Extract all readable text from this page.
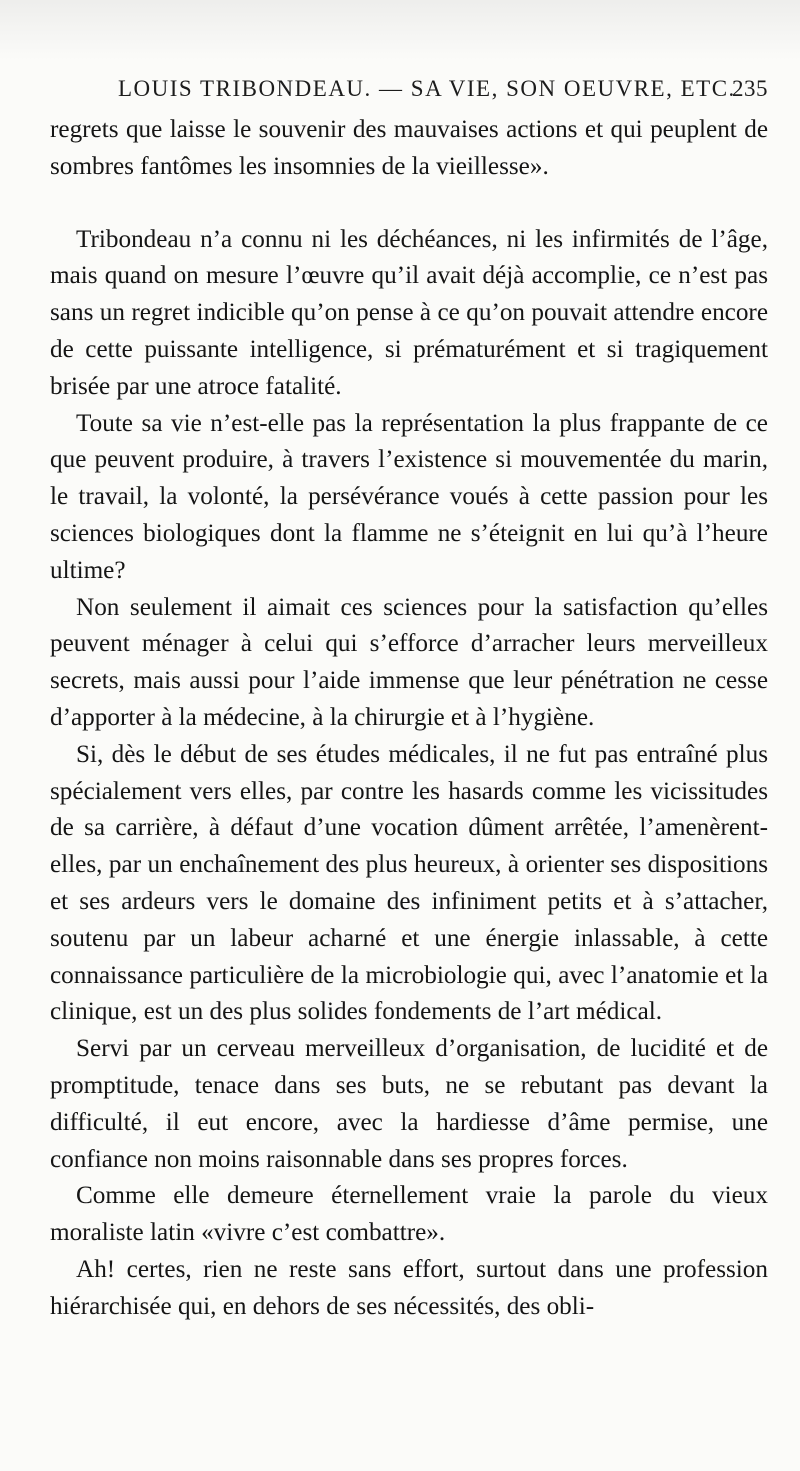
LOUIS TRIBONDEAU. — SA VIE, SON OEUVRE, ETC.
235

regrets que laisse le souvenir des mauvaises actions et qui peuplent de sombres fantômes les insomnies de la vieillesse».

Tribondeau n’a connu ni les déchéances, ni les infirmités de l’âge, mais quand on mesure l’œuvre qu’il avait déjà accomplie, ce n’est pas sans un regret indicible qu’on pense à ce qu’on pouvait attendre encore de cette puissante intelligence, si prématurément et si tragiquement brisée par une atroce fatalité.

Toute sa vie n’est-elle pas la représentation la plus frappante de ce que peuvent produire, à travers l’existence si mouvementée du marin, le travail, la volonté, la persévérance voués à cette passion pour les sciences biologiques dont la flamme ne s’éteignit en lui qu’à l’heure ultime?

Non seulement il aimait ces sciences pour la satisfaction qu’elles peuvent ménager à celui qui s’efforce d’arracher leurs merveilleux secrets, mais aussi pour l’aide immense que leur pénétration ne cesse d’apporter à la médecine, à la chirurgie et à l’hygiène.

Si, dès le début de ses études médicales, il ne fut pas entraîné plus spécialement vers elles, par contre les hasards comme les vicissitudes de sa carrière, à défaut d’une vocation dûment arrêtée, l’amenèrent-elles, par un enchaînement des plus heureux, à orienter ses dispositions et ses ardeurs vers le domaine des infiniment petits et à s’attacher, soutenu par un labeur acharné et une énergie inlassable, à cette connaissance particulière de la microbiologie qui, avec l’anatomie et la clinique, est un des plus solides fondements de l’art médical.

Servi par un cerveau merveilleux d’organisation, de lucidité et de promptitude, tenace dans ses buts, ne se rebutant pas devant la difficulté, il eut encore, avec la hardiesse d’âme permise, une confiance non moins raisonnable dans ses propres forces.

Comme elle demeure éternellement vraie la parole du vieux moraliste latin «vivre c’est combattre».

Ah! certes, rien ne reste sans effort, surtout dans une profession hiérarchisée qui, en dehors de ses nécessités, des obli-
